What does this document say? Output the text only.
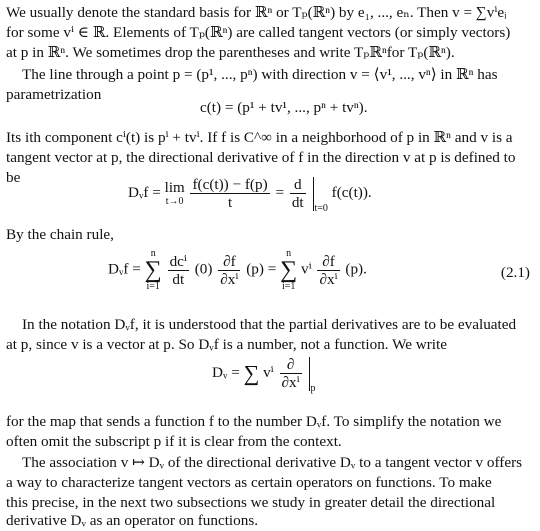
We usually denote the standard basis for ℝⁿ or Tₚ(ℝⁿ) by e₁, ..., eₙ. Then v = ∑vⁱeᵢ
for some vⁱ ∈ ℝ. Elements of Tₚ(ℝⁿ) are called tangent vectors (or simply vectors)
at p in ℝⁿ. We sometimes drop the parentheses and write Tₚℝⁿfor Tₚ(ℝⁿ).
The line through a point p = (p¹, ..., pⁿ) with direction v = ⟨v¹, ..., vⁿ⟩ in ℝⁿ has
parametrization
c(t) = (p¹ + tv¹, ..., pⁿ + tvⁿ).
Its ith component cⁱ(t) is pⁱ + tvⁱ. If f is C^∞ in a neighborhood of p in ℝⁿ and v is a
tangent vector at p, the directional derivative of f in the direction v at p is defined to
be
Dᵥf = lim
$t\to 0 \frac{f(c(t)) - f(p)}{t} = \frac{d}{dt} _{t=0}$ f(c(t)).
By the chain rule,
Dᵥf = n
∑
i=1
dcⁱ
dt
$(0) \frac{\partial f}{\text{∂xⁱ}} (p) = n$
∑
i=1 vⁱ $\frac{\partial f}{\text{∂xⁱ}} (p)$.	(2.1)
In the notation Dᵥf, it is understood that the partial derivatives are to be evaluated
at p, since v is a vector at p. So Dᵥf is a number, not a function. We write
Dᵥ = ∑ vⁱ ∂
∂xⁱ $_p$
for the map that sends a function f to the number Dᵥf. To simplify the notation we
often omit the subscript p if it is clear from the context.
The association v ↦ Dᵥ of the directional derivative Dᵥ to a tangent vector v offers
a way to characterize tangent vectors as certain operators on functions. To make
this precise, in the next two subsections we study in greater detail the directional
derivative Dᵥ as an operator on functions.
